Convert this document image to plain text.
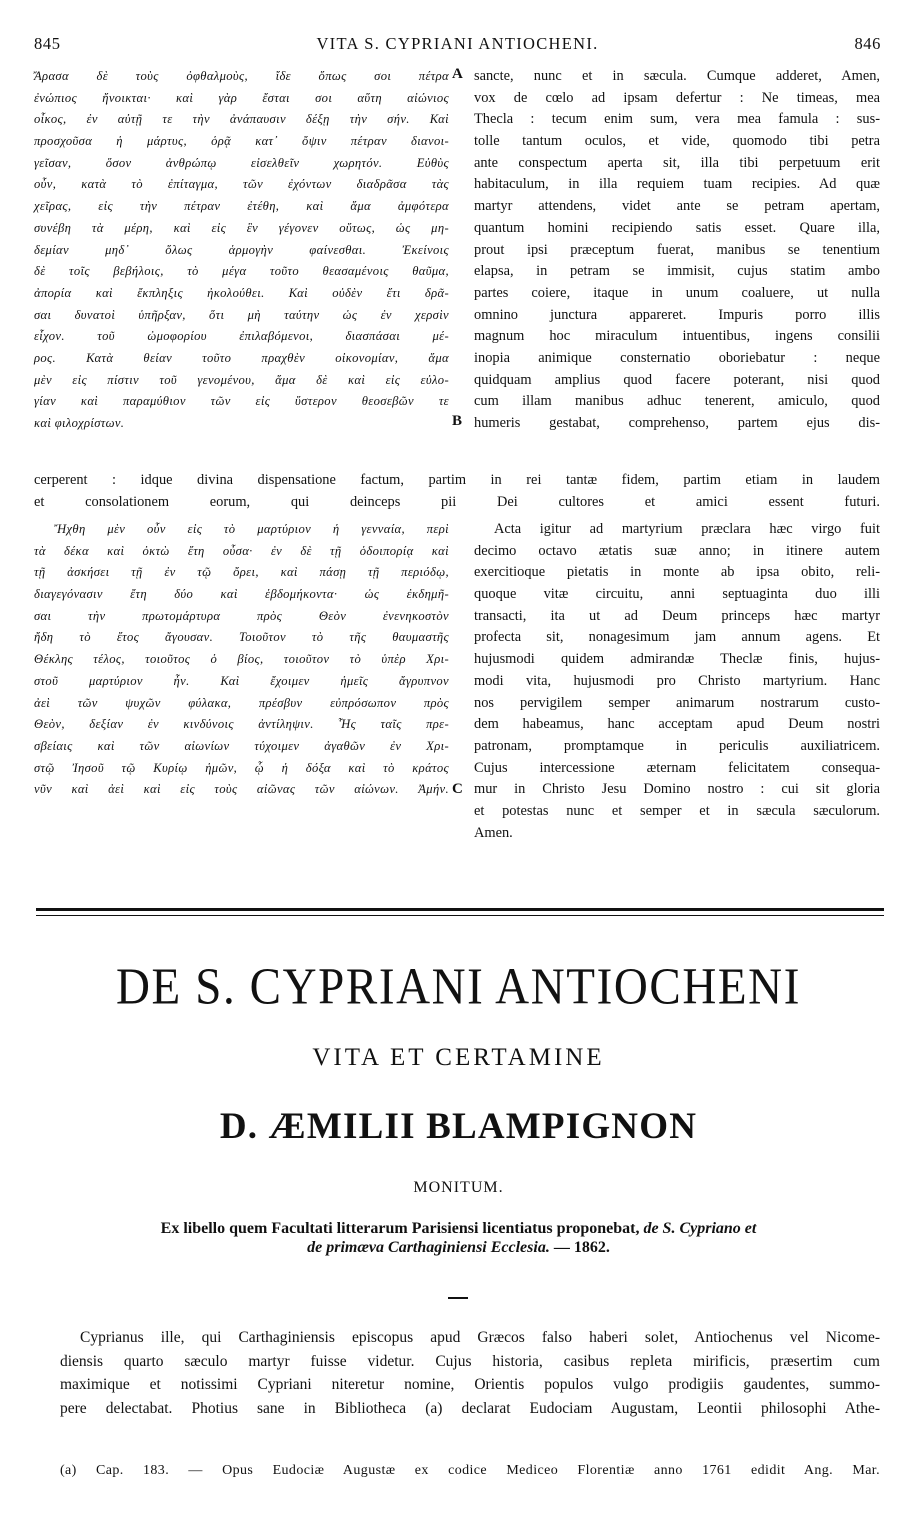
845	VITA S. CYPRIANI ANTIOCHENI.	846
Ἄρασα δὲ τοὺς ὀφθαλμοὺς, ἴδε ὅπως σοι πέτρα
ἐνώπιος ἤνοικται· καὶ γὰρ ἔσται σοι αὕτη αἰώνιος
οἶκος, ἐν αὐτῇ τε τὴν ἀνάπαυσιν δέξῃ τὴν σήν. Καὶ
προσχοῦσα ἡ μάρτυς, ὁρᾷ κατ᾽ ὄψιν πέτραν διανοι-
γεῖσαν, ὅσον ἀνθρώπῳ εἰσελθεῖν χωρητόν. Εὐθὺς
οὖν, κατὰ τὸ ἐπίταγμα, τῶν ἐχόντων διαδρᾶσα τὰς
χεῖρας, εἰς τὴν πέτραν ἐτέθη, καὶ ἅμα ἀμφότερα
συνέβη τὰ μέρη, καὶ εἰς ἓν γέγονεν οὕτως, ὡς μη-
δεμίαν μηδ᾽ ὅλως ἁρμογὴν φαίνεσθαι. Ἐκείνοις
δὲ τοῖς βεβήλοις, τὸ μέγα τοῦτο θεασαμένοις θαῦμα,
ἀπορία καὶ ἔκπληξις ἠκολούθει. Καὶ οὐδὲν ἔτι δρᾶ-
σαι δυνατοὶ ὑπῆρξαν, ὅτι μὴ ταύτην ὡς ἐν χερσὶν
εἶχον. τοῦ ὠμοφορίου ἐπιλαβόμενοι, διασπάσαι μέ-
ρος. Κατὰ θείαν τοῦτο πραχθὲν οἰκονομίαν, ἅμα
μὲν εἰς πίστιν τοῦ γενομένου, ἅμα δὲ καὶ εἰς εὐλο-
γίαν καὶ παραμύθιον τῶν εἰς ὕστερον θεοσεβῶν τε
καὶ φιλοχρίστων.
sancte, nunc et in sæcula. Cumque adderet, Amen,
vox de cœlo ad ipsam defertur : Ne timeas, mea
Thecla : tecum enim sum, vera mea famula : sus-
tolle tantum oculos, et vide, quomodo tibi petra
ante conspectum aperta sit, illa tibi perpetuum erit
habitaculum, in illa requiem tuam recipies. Ad quæ
martyr attendens, videt ante se petram apertam,
quantum homini recipiendo satis esset. Quare illa,
prout ipsi præceptum fuerat, manibus se tenentium
elapsa, in petram se immisit, cujus statim ambo
partes coiere, itaque in unum coaluere, ut nulla
omnino junctura appareret. Impuris porro illis
magnum hoc miraculum intuentibus, ingens consilii
inopia animique consternatio oboriebatur : neque
quidquam amplius quod facere poterant, nisi quod
cum illam manibus adhuc tenerent, amiculo, quod
humeris gestabat, comprehenso, partem ejus dis-
A
B
C
cerperent : idque divina dispensatione factum, partim in rei tantæ fidem, partim etiam in laudem
et consolationem eorum, qui deinceps pii Dei cultores et amici essent futuri.
Ἤχθη μὲν οὖν εἰς τὸ μαρτύριον ἡ γενναία, περὶ
τὰ δέκα καὶ ὀκτὼ ἔτη οὖσα· ἐν δὲ τῇ ὁδοιπορίᾳ καὶ
τῇ ἀσκήσει τῇ ἐν τῷ ὄρει, καὶ πάσῃ τῇ περιόδῳ,
διαγεγόνασιν ἔτη δύο καὶ ἑβδομήκοντα· ὡς ἐκδημῆ-
σαι τὴν πρωτομάρτυρα πρὸς Θεὸν ἐνενηκοστὸν
ἤδη τὸ ἔτος ἄγουσαν. Τοιοῦτον τὸ τῆς θαυμαστῆς
Θέκλης τέλος, τοιοῦτος ὁ βίος, τοιοῦτον τὸ ὑπὲρ Χρι-
στοῦ μαρτύριον ἦν. Καὶ ἔχοιμεν ἡμεῖς ἄγρυπνον
ἀεὶ τῶν ψυχῶν φύλακα, πρέσβυν εὐπρόσωπον πρὸς
Θεὸν, δεξίαν ἐν κινδύνοις ἀντίληψιν. Ἧς ταῖς πρε-
σβείαις καὶ τῶν αἰωνίων τύχοιμεν ἀγαθῶν ἐν Χρι-
στῷ Ἰησοῦ τῷ Κυρίῳ ἡμῶν, ᾧ ἡ δόξα καὶ τὸ κράτος
νῦν καὶ ἀεὶ καὶ εἰς τοὺς αἰῶνας τῶν αἰώνων. Ἀμήν.
Acta igitur ad martyrium præclara hæc virgo fuit
decimo octavo ætatis suæ anno; in itinere autem
exercitioque pietatis in monte ab ipsa obito, reli-
quoque vitæ circuitu, anni septuaginta duo illi
transacti, ita ut ad Deum princeps hæc martyr
profecta sit, nonagesimum jam annum agens. Et
hujusmodi quidem admirandæ Theclæ finis, hujus-
modi vita, hujusmodi pro Christo martyrium. Hanc
nos pervigilem semper animarum nostrarum custo-
dem habeamus, hanc acceptam apud Deum nostri
patronam, promptamque in periculis auxiliatricem.
Cujus intercessione æternam felicitatem consequa-
mur in Christo Jesu Domino nostro : cui sit gloria
et potestas nunc et semper et in sæcula sæculorum.
Amen.
DE S. CYPRIANI ANTIOCHENI
VITA ET CERTAMINE
D. ÆMILII BLAMPIGNON
MONITUM.
Ex libello quem Facultati litterarum Parisiensi licentiatus proponebat, de S. Cypriano et
de primæva Carthaginiensi Ecclesia. — 1862.
Cyprianus ille, qui Carthaginiensis episcopus apud Græcos falso haberi solet, Antiochenus vel Nicome-
diensis quarto sæculo martyr fuisse videtur. Cujus historia, casibus repleta mirificis, præsertim cum
maximique et notissimi Cypriani niteretur nomine, Orientis populos vulgo prodigiis gaudentes, summo-
pere delectabat. Photius sane in Bibliotheca (a) declarat Eudociam Augustam, Leontii philosophi Athe-
(a) Cap. 183. — Opus Eudociæ Augustæ ex codice Mediceo Florentiæ anno 1761 edidit Ang. Mar.
